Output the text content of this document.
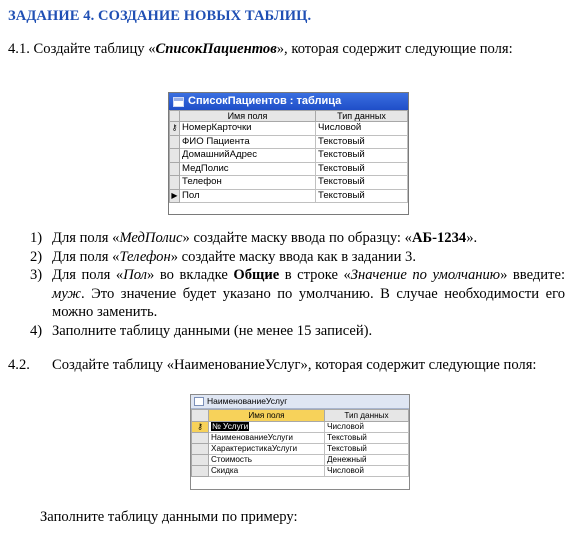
ЗАДАНИЕ 4. СОЗДАНИЕ НОВЫХ ТАБЛИЦ.
4.1. Создайте таблицу «СписокПациентов», которая содержит следующие поля:
СписокПациентов : таблица
	Имя поля	Тип данных
⚷	НомерКарточки	Числовой
	ФИО Пациента	Текстовый
	ДомашнийАдрес	Текстовый
	МедПолис	Текстовый
	Телефон	Текстовый
▶	Пол	Текстовый
1) Для поля «МедПолис» создайте маску ввода по образцу: «АБ-1234».
2) Для поля «Телефон» создайте маску ввода как в задании 3.
3) Для поля «Пол» во вкладке Общие в строке «Значение по умолчанию» введите: муж. Это значение будет указано по умолчанию. В случае необходимости его можно заменить.
4) Заполните таблицу данными (не менее 15 записей).
4.2. Создайте таблицу «НаименованиеУслуг», которая содержит следующие поля:
НаименованиеУслуг
	Имя поля	Тип данных
⚷	№ Услуги	Числовой
	НаименованиеУслуги	Текстовый
	ХарактеристикаУслуги	Текстовый
	Стоимость	Денежный
	Скидка	Числовой
Заполните таблицу данными по примеру:
